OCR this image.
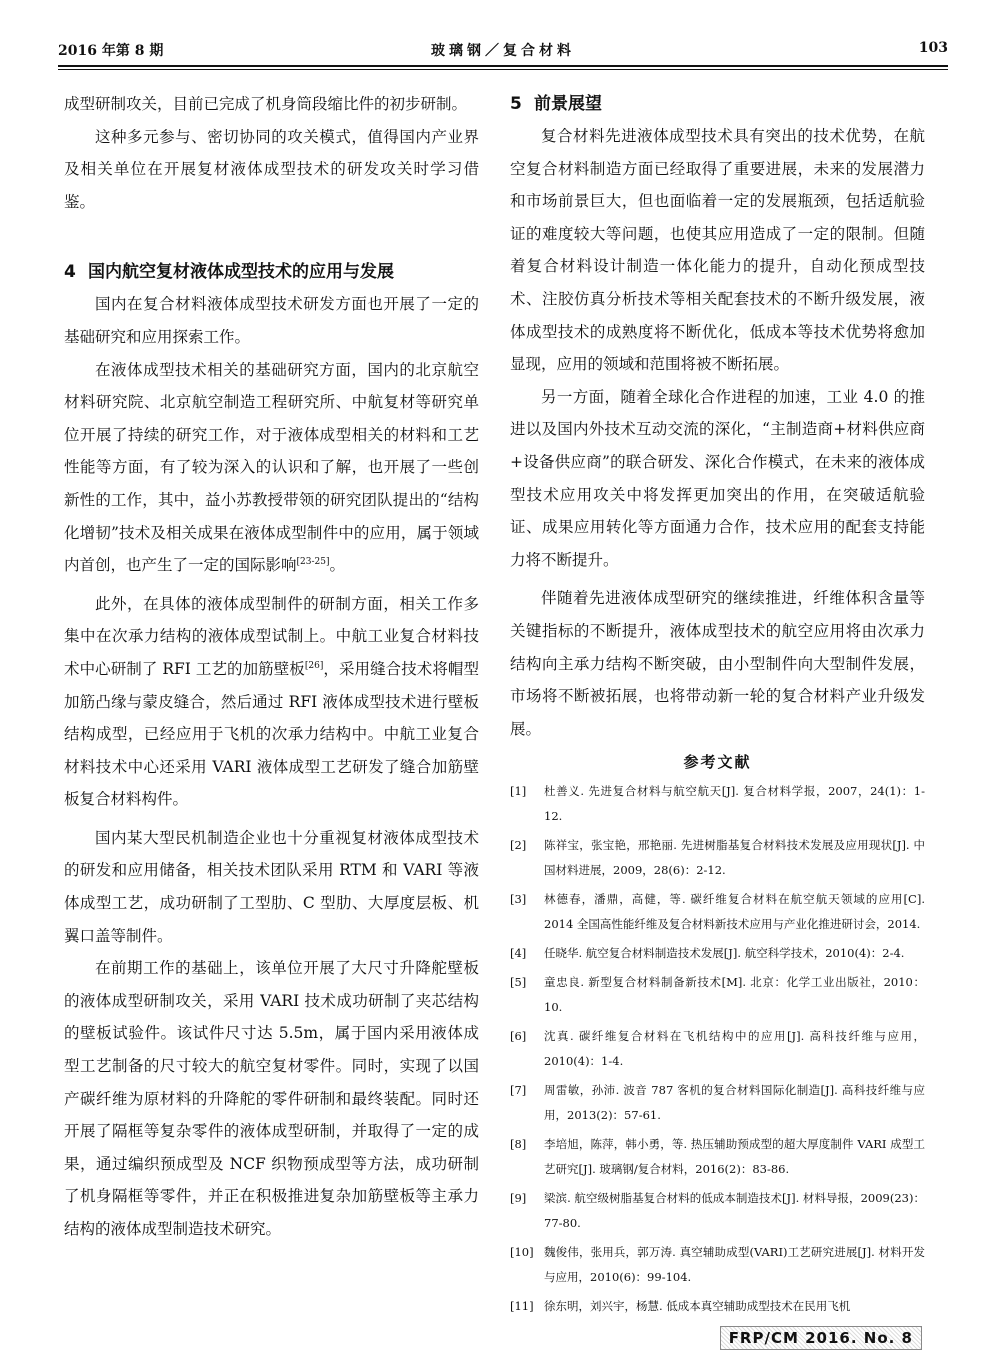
2016 年第 8 期	玻璃钢／复合材料	103

成型研制攻关，目前已完成了机身筒段缩比件的初步研制。

这种多元参与、密切协同的攻关模式，值得国内产业界及相关单位在开展复材液体成型技术的研发攻关时学习借鉴。

4 国内航空复材液体成型技术的应用与发展

国内在复合材料液体成型技术研发方面也开展了一定的基础研究和应用探索工作。

在液体成型技术相关的基础研究方面，国内的北京航空材料研究院、北京航空制造工程研究所、中航复材等研究单位开展了持续的研究工作，对于液体成型相关的材料和工艺性能等方面，有了较为深入的认识和了解，也开展了一些创新性的工作，其中，益小苏教授带领的研究团队提出的“结构化增韧”技术及相关成果在液体成型制件中的应用，属于领域内首创，也产生了一定的国际影响[23-25]。

此外，在具体的液体成型制件的研制方面，相关工作多集中在次承力结构的液体成型试制上。中航工业复合材料技术中心研制了 RFI 工艺的加筋壁板[26]，采用缝合技术将帽型加筋凸缘与蒙皮缝合，然后通过 RFI 液体成型技术进行壁板结构成型，已经应用于飞机的次承力结构中。中航工业复合材料技术中心还采用 VARI 液体成型工艺研发了缝合加筋壁板复合材料构件。

国内某大型民机制造企业也十分重视复材液体成型技术的研发和应用储备，相关技术团队采用 RTM 和 VARI 等液体成型工艺，成功研制了工型肋、C 型肋、大厚度层板、机翼口盖等制件。

在前期工作的基础上，该单位开展了大尺寸升降舵壁板的液体成型研制攻关，采用 VARI 技术成功研制了夹芯结构的壁板试验件。该试件尺寸达 5.5m，属于国内采用液体成型工艺制备的尺寸较大的航空复材零件。同时，实现了以国产碳纤维为原材料的升降舵的零件研制和最终装配。同时还开展了隔框等复杂零件的液体成型研制，并取得了一定的成果，通过编织预成型及 NCF 织物预成型等方法，成功研制了机身隔框等零件，并正在积极推进复杂加筋壁板等主承力结构的液体成型制造技术研究。

5 前景展望

复合材料先进液体成型技术具有突出的技术优势，在航空复合材料制造方面已经取得了重要进展，未来的发展潜力和市场前景巨大，但也面临着一定的发展瓶颈，包括适航验证的难度较大等问题，也使其应用造成了一定的限制。但随着复合材料设计制造一体化能力的提升，自动化预成型技术、注胶仿真分析技术等相关配套技术的不断升级发展，液体成型技术的成熟度将不断优化，低成本等技术优势将愈加显现，应用的领域和范围将被不断拓展。

另一方面，随着全球化合作进程的加速，工业 4.0 的推进以及国内外技术互动交流的深化，“主制造商+材料供应商+设备供应商”的联合研发、深化合作模式，在未来的液体成型技术应用攻关中将发挥更加突出的作用，在突破适航验证、成果应用转化等方面通力合作，技术应用的配套支持能力将不断提升。

伴随着先进液体成型研究的继续推进，纤维体积含量等关键指标的不断提升，液体成型技术的航空应用将由次承力结构向主承力结构不断突破，由小型制件向大型制件发展，市场将不断被拓展，也将带动新一轮的复合材料产业升级发展。

参考文献
[1] 杜善义. 先进复合材料与航空航天[J]. 复合材料学报，2007，24(1)：1-12.
[2] 陈祥宝，张宝艳，邢艳丽. 先进树脂基复合材料技术发展及应用现状[J]. 中国材料进展，2009，28(6)：2-12.
[3] 林德春，潘鼎，高健，等. 碳纤维复合材料在航空航天领域的应用[C]. 2014 全国高性能纤维及复合材料新技术应用与产业化推进研讨会，2014.
[4] 任晓华. 航空复合材料制造技术发展[J]. 航空科学技术，2010(4)：2-4.
[5] 童忠良. 新型复合材料制备新技术[M]. 北京：化学工业出版社，2010：10.
[6] 沈真. 碳纤维复合材料在飞机结构中的应用[J]. 高科技纤维与应用，2010(4)：1-4.
[7] 周雷敏，孙沛. 波音 787 客机的复合材料国际化制造[J]. 高科技纤维与应用，2013(2)：57-61.
[8] 李培旭，陈萍，韩小勇，等. 热压辅助预成型的超大厚度制件 VARI 成型工艺研究[J]. 玻璃钢/复合材料，2016(2)：83-86.
[9] 梁滨. 航空级树脂基复合材料的低成本制造技术[J]. 材料导报，2009(23)：77-80.
[10] 魏俊伟，张用兵，郭万涛. 真空辅助成型(VARI)工艺研究进展[J]. 材料开发与应用，2010(6)：99-104.
[11] 徐东明，刘兴宇，杨慧. 低成本真空辅助成型技术在民用飞机
FRP/CM 2016. No. 8
